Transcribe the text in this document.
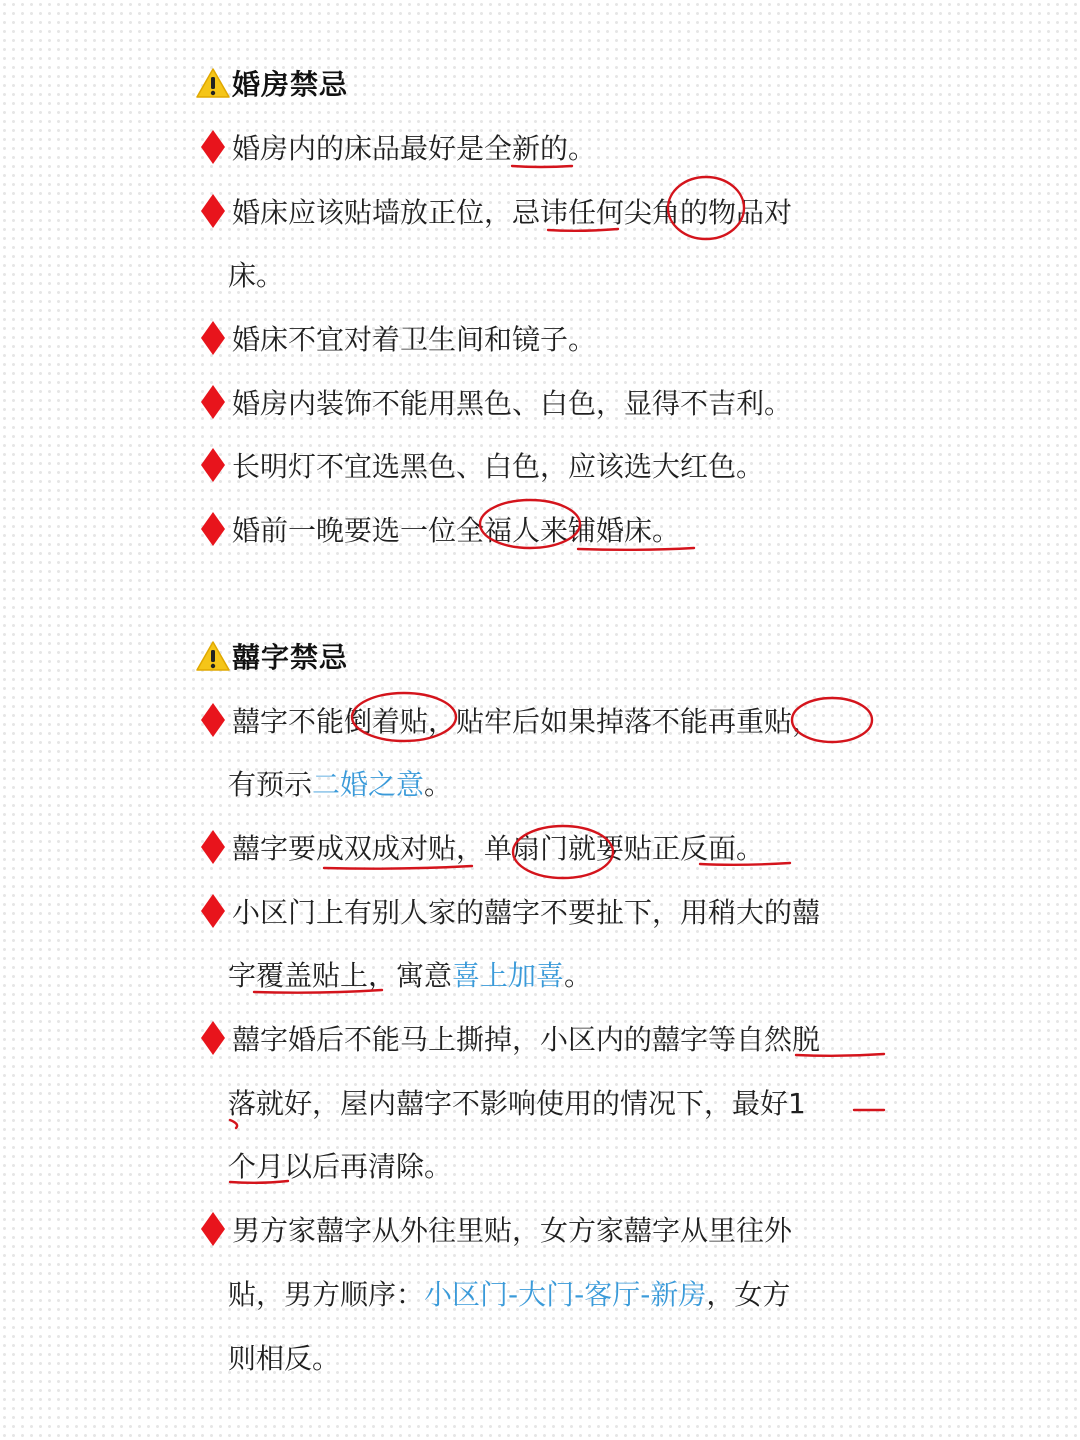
婚房禁忌
婚房内的床品最好是全新的。
婚床应该贴墙放正位，忌讳任何尖角的物品对
床。
婚床不宜对着卫生间和镜子。
婚房内装饰不能用黑色、白色，显得不吉利。
长明灯不宜选黑色、白色，应该选大红色。
婚前一晚要选一位全福人来铺婚床。
囍字禁忌
囍字不能倒着贴，贴牢后如果掉落不能再重贴，
有预示 二婚之意 。
囍字要成双成对贴，单扇门就要贴正反面。
小区门上有别人家的囍字不要扯下，用稍大的囍
字覆盖贴上，寓意 喜上加喜 。
囍字婚后不能马上撕掉，小区内的囍字等自然脱
落就好，屋内囍字不影响使用的情况下，最好1
个月以后再清除。
男方家囍字从外往里贴，女方家囍字从里往外
贴，男方顺序： 小区门-大门-客厅-新房 ，女方
则相反。
